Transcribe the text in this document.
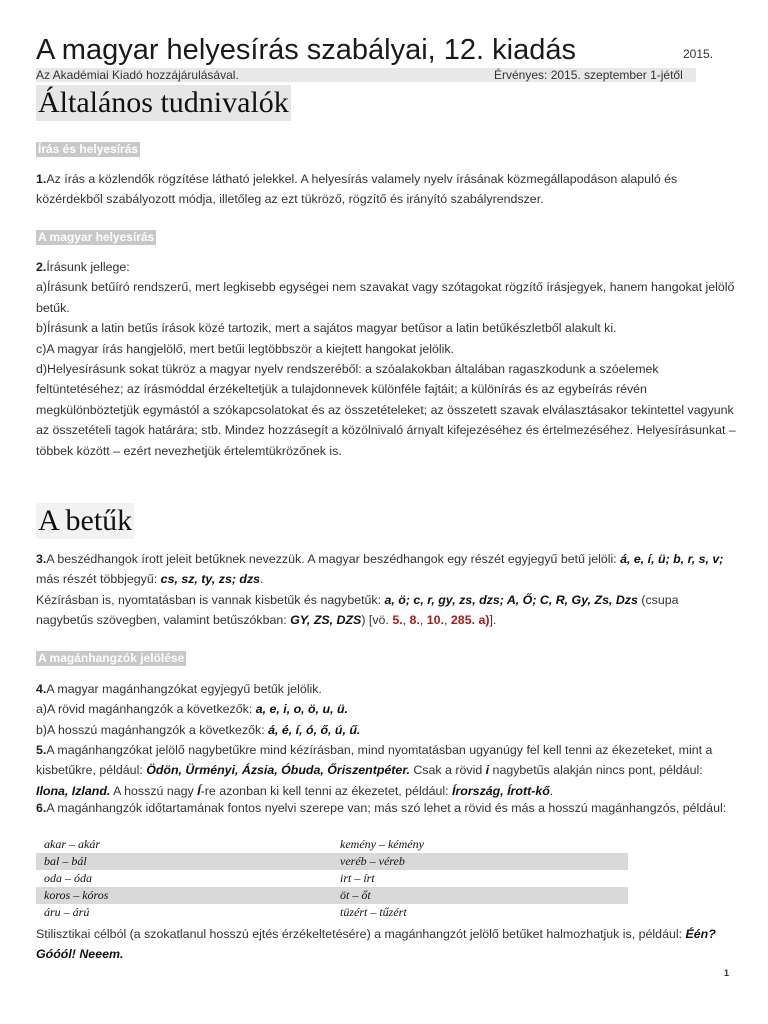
A magyar helyesírás szabályai, 12. kiadás	2015.
Az Akadémiai Kiadó hozzájárulásával.	Érvényes: 2015. szeptember 1-jétől
Általános tudnivalók
Írás és helyesírás
1.Az írás a közlendők rögzítése látható jelekkel. A helyesírás valamely nyelv írásának közmegállapodáson alapuló és közérdekből szabályozott módja, illetőleg az ezt tükröző, rögzítő és irányító szabályrendszer.
A magyar helyesírás
2.Írásunk jellege:
a)Írásunk betűíró rendszerű, mert legkisebb egységei nem szavakat vagy szótagokat rögzítő írásjegyek, hanem hangokat jelölő betűk.
b)Írásunk a latin betűs írások közé tartozik, mert a sajátos magyar betűsor a latin betűkészletből alakult ki.
c)A magyar írás hangjelölő, mert betűi legtöbbször a kiejtett hangokat jelölik.
d)Helyesírásunk sokat tükröz a magyar nyelv rendszeréből: a szóalakokban általában ragaszkodunk a szóelemek feltüntetéséhez; az írásmóddal érzékeltetjük a tulajdonnevek különféle fajtáit; a különírás és az egybeírás révén megkülönböztetjük egymástól a szókapcsolatokat és az összetételeket; az összetett szavak elválasztásakor tekintettel vagyunk az összetételi tagok határára; stb. Mindez hozzásegít a közölnivaló árnyalt kifejezéséhez és értelmezéséhez. Helyesírásunkat – többek között – ezért nevezhetjük értelemtükrözőnek is.
A betűk
3.A beszédhangok írott jeleit betűknek nevezzük. A magyar beszédhangok egy részét egyjegyű betű jelöli: á, e, í, ü; b, r, s, v; más részét többjegyű: cs, sz, ty, zs; dzs.
Kézírásban is, nyomtatásban is vannak kisbetűk és nagybetűk: a, ö; c, r, gy, zs, dzs; A, Ő; C, R, Gy, Zs, Dzs (csupa nagybetűs szövegben, valamint betűszókban: GY, ZS, DZS) [vö. 5., 8., 10., 285. a)].
A magánhangzók jelölése
4.A magyar magánhangzókat egyjegyű betűk jelölik.
a)A rövid magánhangzók a következők: a, e, i, o, ö, u, ü.
b)A hosszú magánhangzók a következők: á, é, í, ó, ő, ú, ű.
5.A magánhangzókat jelölő nagybetűkre mind kézírásban, mind nyomtatásban ugyanúgy fel kell tenni az ékezeteket, mint a kisbetűkre, például: Ödön, Ürményi, Ázsia, Óbuda, Őriszentpéter. Csak a rövid i nagybetűs alakján nincs pont, például: Ilona, Izland. A hosszú nagy Í-re azonban ki kell tenni az ékezetet, például: Írország, Írott-kő.
6.A magánhangzók időtartamának fontos nyelvi szerepe van; más szó lehet a rövid és más a hosszú magánhangzós, például:
akar – akár	kemény – kémény
bal – bál	veréb – véreb
oda – óda	irt – írt
koros – kóros	öt – őt
áru – árú	tüzért – tűzért
Stilisztikai célból (a szokatlanul hosszú ejtés érzékeltetésére) a magánhangzót jelölő betűket halmozhatjuk is, például: Één? Góóól! Neeem.
1
